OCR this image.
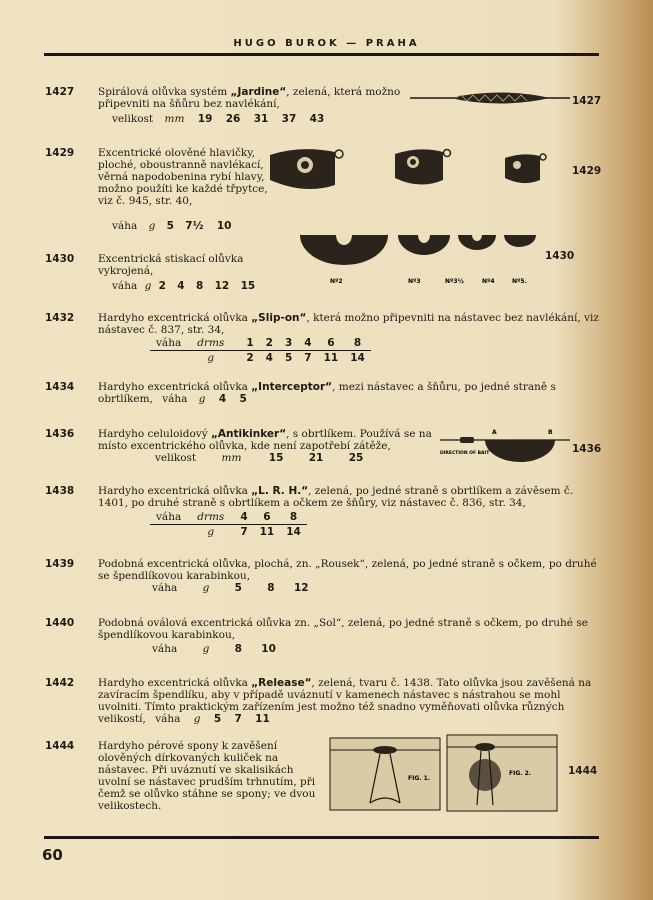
HUGO BUROK — PRAHA
1427 Spirálová olůvka systém „Jardine“, zelená, která možno připevniti na šňůru bez navlékání,
velikost mm 19 26 31 37 43
1427
1429 Excentrické olověné hlavičky, ploché, oboustranně navlékací, věrná napodobenina rybí hlavy, možno použíti ke každé třpytce, viz č. 945, str. 40,
váha g 5 7½ 10
1429
1430 Excentrická stiskací olůvka vykrojená,
váha g 2 4 8 12 15	Nº2	Nº3	Nº3½	Nº4	Nº5.
1430
1432 Hardyho excentrická olůvka „Slip-on“, která možno připevniti na nástavec bez navlékání, viz nástavec č. 837, str. 34,
váha	drms	1	2	3	4	6	8
	g	2	4	5	7	11	14
1434 Hardyho excentrická olůvka „Interceptor“, mezi nástavec a šňůru, po jedné straně s obrtlíkem, váha g 4 5
1436 Hardyho celuloidový „Antikinker“, s obrtlíkem. Používá se na místo excentrického olůvka, kde není zapotřebí zátěže,
velikost mm	15 21 25
A	B
DIRECTION OF BAIT	1436
1438 Hardyho excentrická olůvka „L. R. H.“, zelená, po jedné straně s obrtlíkem a závěsem č. 1401, po druhé straně s obrtlíkem a očkem ze šňůry, viz nástavec č. 836, str. 34,
váha	drms	4	6	8
	g	7	11	14
1439 Podobná excentrická olůvka, plochá, zn. „Rousek“, zelená, po jedné straně s očkem, po druhé se špendlíkovou karabinkou,
váha g 5 8 12
1440 Podobná oválová excentrická olůvka zn. „Sol“, zelená, po jedné straně s očkem, po druhé se špendlíkovou karabinkou,
váha g 8 10
1442 Hardyho excentrická olůvka „Release“, zelená, tvaru č. 1438. Tato olůvka jsou zavěšená na zavíracím špendlíku, aby v případě uváznutí v kamenech nástavec s nástrahou se mohl uvolniti. Tímto praktickým zařízením jest možno též snadno vyměňovati olůvka různých velikostí, váha g 5 7 11
1444 Hardyho pérové spony k zavěšení olověných dírkovaných kuliček na nástavec. Při uváznutí ve skalisikách uvolní se nástavec prudším trhnutím, při čemž se olůvko stáhne se spony; ve dvou velikostech.
FIG. 1.
FIG. 2.	1444
60
